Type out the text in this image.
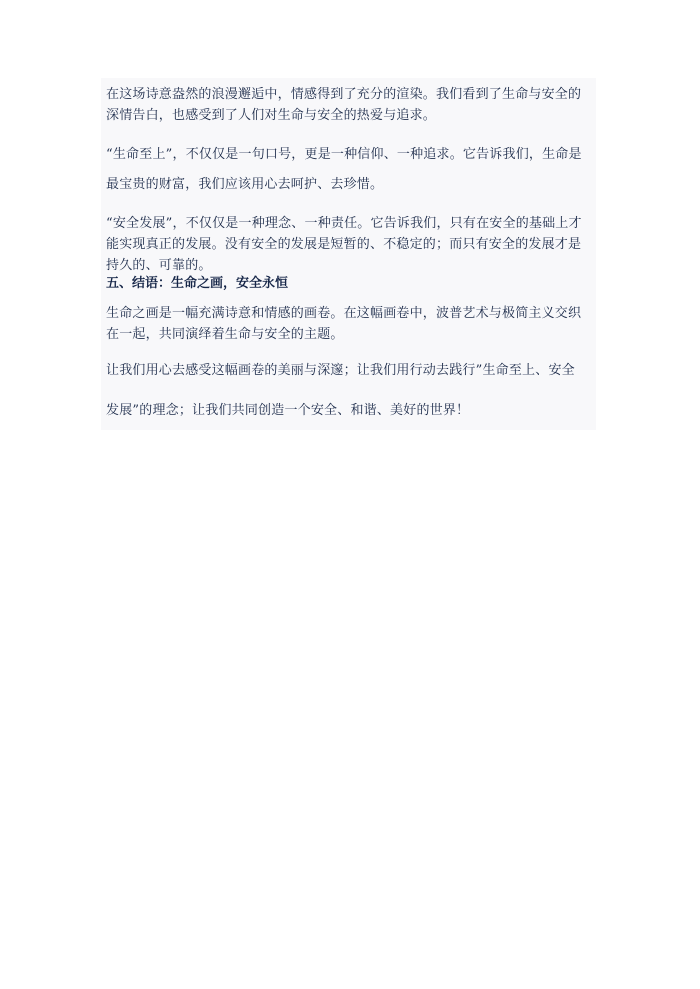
在这场诗意盎然的浪漫邂逅中，情感得到了充分的渲染。我们看到了生命与安全的
深情告白，也感受到了人们对生命与安全的热爱与追求。
“生命至上”，不仅仅是一句口号，更是一种信仰、一种追求。它告诉我们，生命是
最宝贵的财富，我们应该用心去呵护、去珍惜。
“安全发展”，不仅仅是一种理念、一种责任。它告诉我们，只有在安全的基础上才
能实现真正的发展。没有安全的发展是短暂的、不稳定的；而只有安全的发展才是
持久的、可靠的。
五、结语：生命之画，安全永恒
生命之画是一幅充满诗意和情感的画卷。在这幅画卷中，波普艺术与极简主义交织
在一起，共同演绎着生命与安全的主题。
让我们用心去感受这幅画卷的美丽与深邃；让我们用行动去践行”生命至上、安全
发展”的理念；让我们共同创造一个安全、和谐、美好的世界！
